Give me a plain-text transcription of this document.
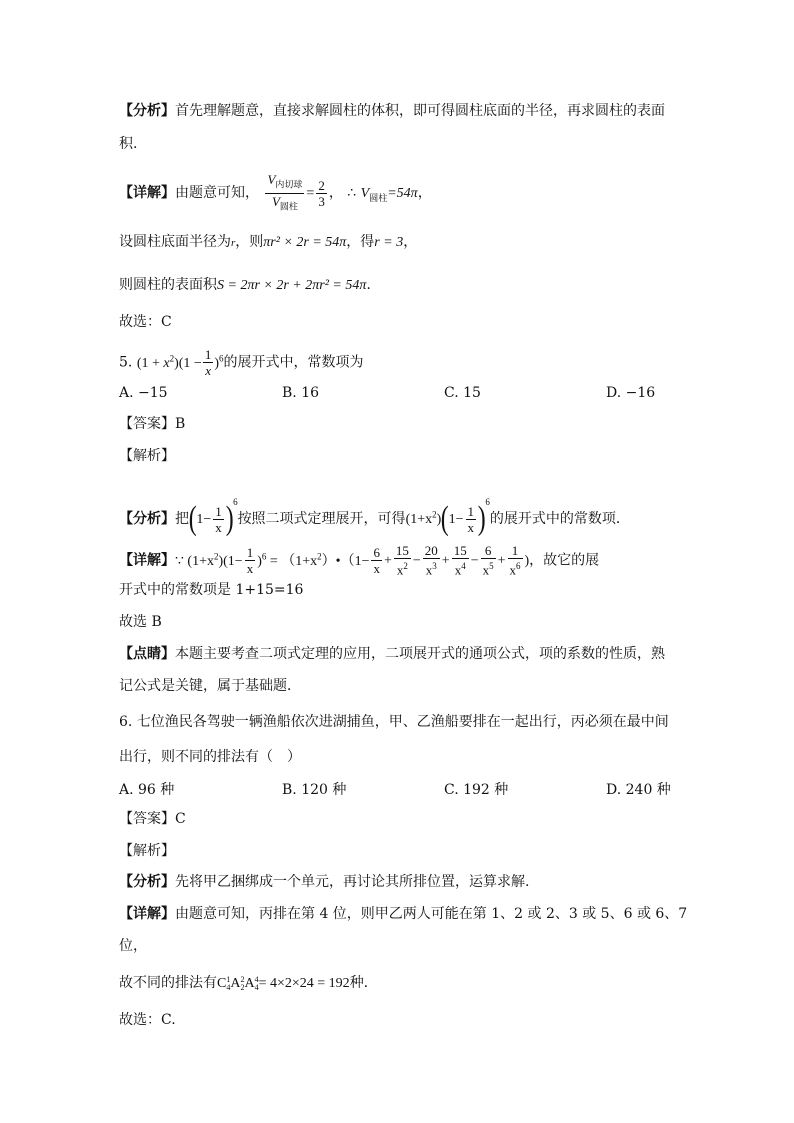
【分析】首先理解题意，直接求解圆柱的体积，即可得圆柱底面的半径，再求圆柱的表面
积.
【详解】由题意可知， $\frac{V_{内切球}}{V_{圆柱}} = \frac{2}{3}$ ， ∴ $V_{圆柱}=54\pi$，
设圆柱底面半径为r，则πr² × 2r = 54π，得r = 3，
则圆柱的表面积S = 2πr × 2r + 2πr² = 54π.
故选：C
5. $(1 + x^2)(1 - \frac{1}{x} )^6$的展开式中，常数项为
A. −15	B. 16	C. 15	D. −16
【答案】B
【解析】
【分析】把$(1- \frac{1}{x} )^6$按照二项式定理展开，可得$(1+x^2)(1- \frac{1}{x} )^6$的展开式中的常数项．
【详解】∵ $(1+x^2)(1- \frac{1}{x} )^6$ = $(1+x^2)•(1- \frac{6}{x} + \frac{15}{x^2} - \frac{20}{x^3} + \frac{15}{x^4} - \frac{6}{x^5} + \frac{1}{x^6}$ )，故它的展
开式中的常数项是 1+15=16
故选 B
【点睛】本题主要考查二项式定理的应用，二项展开式的通项公式，项的系数的性质，熟
记公式是关键，属于基础题．
6. 七位渔民各驾驶一辆渔船依次进湖捕鱼，甲、乙渔船要排在一起出行，丙必须在最中间
出行，则不同的排法有（　）
A. 96 种	B. 120 种	C. 192 种	D. 240 种
【答案】C
【解析】
【分析】先将甲乙捆绑成一个单元，再讨论其所排位置，运算求解.
【详解】由题意可知，丙排在第 4 位，则甲乙两人可能在第 1、2 或 2、3 或 5、6 或 6、7
位，
故不同的排法有C 1
4 A 2
2 A 4
4 = 4×2×24 = 192种.
故选：C.
